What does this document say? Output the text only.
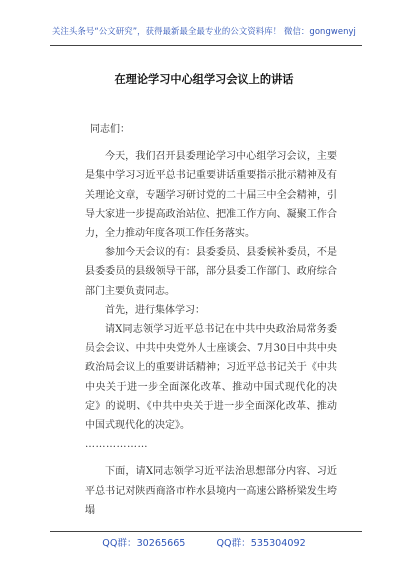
关注头条号“公文研究”，获得最新最全最专业的公文资料库！ 微信：gongwenyj
在理论学习中心组学习会议上的讲话

同志们：

今天，我们召开县委理论学习中心组学习会议，主要是集中学习习近平总书记重要讲话重要指示批示精神及有关理论文章，专题学习研讨党的二十届三中全会精神，引导大家进一步提高政治站位、把准工作方向、凝聚工作合力，全力推动年度各项工作任务落实。

参加今天会议的有：县委委员、县委候补委员，不是县委委员的县级领导干部，部分县委工作部门、政府综合部门主要负责同志。

首先，进行集体学习：

请X同志领学习近平总书记在中共中央政治局常务委员会会议、中共中央党外人士座谈会、7月30日中共中央政治局会议上的重要讲话精神；习近平总书记关于《中共中央关于进一步全面深化改革、推动中国式现代化的决定》的说明、《中共中央关于进一步全面深化改革、推动中国式现代化的决定》。

………………

下面，请X同志领学习近平法治思想部分内容、习近平总书记对陕西商洛市柞水县境内一高速公路桥梁发生垮塌

QQ群：30265665	QQ群：535304092
